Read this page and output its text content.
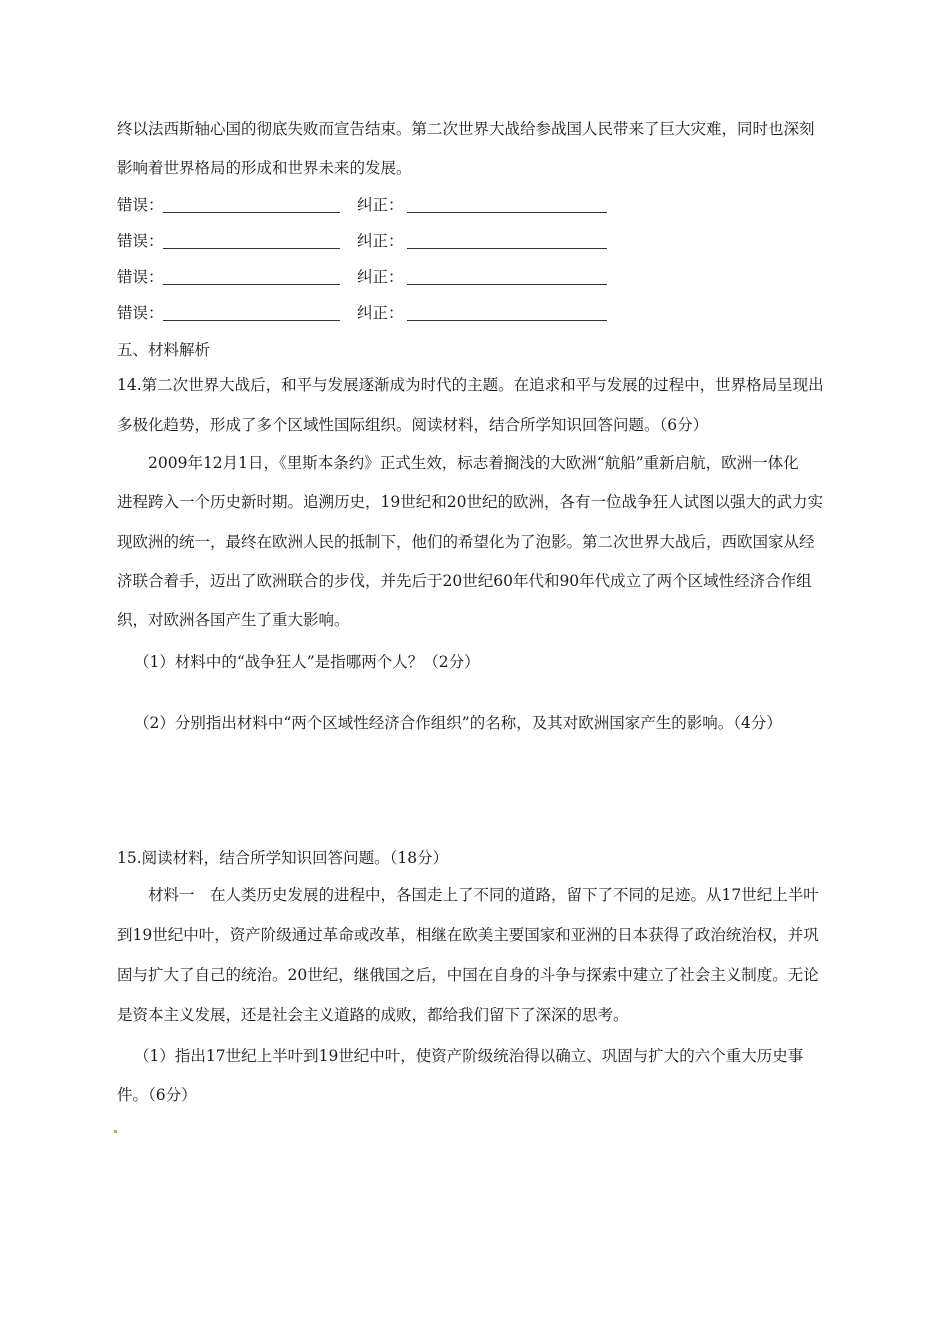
终以法西斯轴心国的彻底失败而宣告结束。第二次世界大战给参战国人民带来了巨大灾难，同时也深刻
影响着世界格局的形成和世界未来的发展。
错误：	纠正：
错误：	纠正：
错误：	纠正：
错误：	纠正：
五、材料解析
14.第二次世界大战后，和平与发展逐渐成为时代的主题。在追求和平与发展的过程中，世界格局呈现出
多极化趋势，形成了多个区域性国际组织。阅读材料，结合所学知识回答问题。（6分）
2009年12月1日，《里斯本条约》正式生效，标志着搁浅的大欧洲“航船”重新启航，欧洲一体化
进程跨入一个历史新时期。追溯历史，19世纪和20世纪的欧洲，各有一位战争狂人试图以强大的武力实
现欧洲的统一，最终在欧洲人民的抵制下，他们的希望化为了泡影。第二次世界大战后，西欧国家从经
济联合着手，迈出了欧洲联合的步伐，并先后于20世纪60年代和90年代成立了两个区域性经济合作组
织，对欧洲各国产生了重大影响。
（1）材料中的“战争狂人”是指哪两个人？（2分）
（2）分别指出材料中“两个区域性经济合作组织”的名称，及其对欧洲国家产生的影响。（4分）
15.阅读材料，结合所学知识回答问题。（18分）
材料一　在人类历史发展的进程中，各国走上了不同的道路，留下了不同的足迹。从17世纪上半叶
到19世纪中叶，资产阶级通过革命或改革，相继在欧美主要国家和亚洲的日本获得了政治统治权，并巩
固与扩大了自己的统治。20世纪，继俄国之后，中国在自身的斗争与探索中建立了社会主义制度。无论
是资本主义发展，还是社会主义道路的成败，都给我们留下了深深的思考。
（1）指出17世纪上半叶到19世纪中叶，使资产阶级统治得以确立、巩固与扩大的六个重大历史事
件。（6分）
